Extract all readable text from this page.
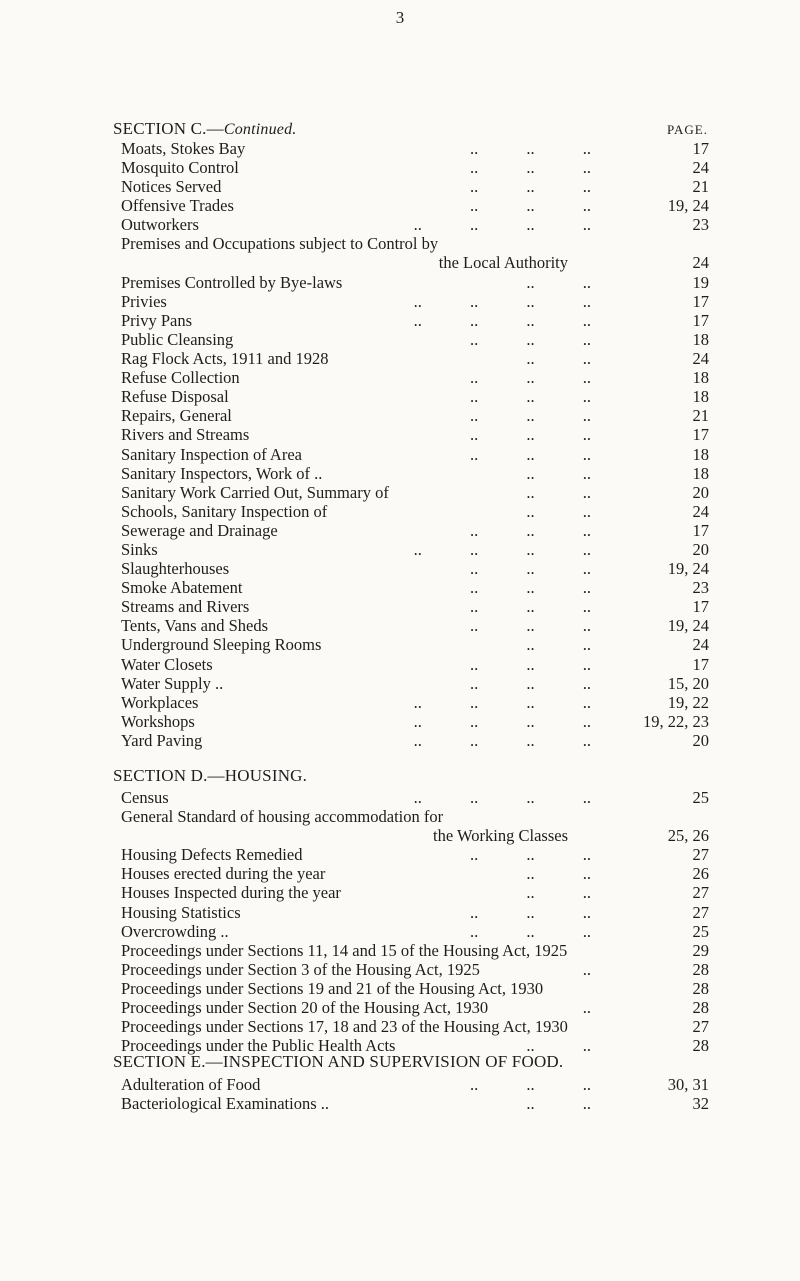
3
SECTION C.—Continued.	PAGE.
Moats, Stokes Bay	.. .. ..	17
Mosquito Control	.. .. ..	24
Notices Served	.. .. ..	21
Offensive Trades	.. .. ..	19, 24
Outworkers	.. .. .. ..	23
Premises and Occupations subject to Control by
the Local Authority	24
Premises Controlled by Bye-laws	.. ..	19
Privies	.. .. .. ..	17
Privy Pans	.. .. .. ..	17
Public Cleansing	.. .. ..	18
Rag Flock Acts, 1911 and 1928	.. ..	24
Refuse Collection	.. .. ..	18
Refuse Disposal	.. .. ..	18
Repairs, General	.. .. ..	21
Rivers and Streams	.. .. ..	17
Sanitary Inspection of Area	.. .. ..	18
Sanitary Inspectors, Work of ..	.. ..	18
Sanitary Work Carried Out, Summary of	.. ..	20
Schools, Sanitary Inspection of	.. ..	24
Sewerage and Drainage	.. .. ..	17
Sinks	.. .. .. ..	20
Slaughterhouses	.. .. ..	19, 24
Smoke Abatement	.. .. ..	23
Streams and Rivers	.. .. ..	17
Tents, Vans and Sheds	.. .. ..	19, 24
Underground Sleeping Rooms	.. ..	24
Water Closets	.. .. ..	17
Water Supply ..	.. .. ..	15, 20
Workplaces	.. .. .. ..	19, 22
Workshops	.. .. .. ..	19, 22, 23
Yard Paving	.. .. .. ..	20
SECTION D.—HOUSING.
Census	.. .. .. ..	25
General Standard of housing accommodation for
the Working Classes	25, 26
Housing Defects Remedied	.. .. ..	27
Houses erected during the year	.. ..	26
Houses Inspected during the year	.. ..	27
Housing Statistics	.. .. ..	27
Overcrowding ..	.. .. ..	25
Proceedings under Sections 11, 14 and 15 of the Housing Act, 1925	29
Proceedings under Section 3 of the Housing Act, 1925	..	28
Proceedings under Sections 19 and 21 of the Housing Act, 1930	28
Proceedings under Section 20 of the Housing Act, 1930	..	28
Proceedings under Sections 17, 18 and 23 of the Housing Act, 1930	27
Proceedings under the Public Health Acts	.. ..	28
SECTION E.—INSPECTION AND SUPERVISION OF FOOD.
Adulteration of Food	.. .. ..	30, 31
Bacteriological Examinations ..	.. ..	32
